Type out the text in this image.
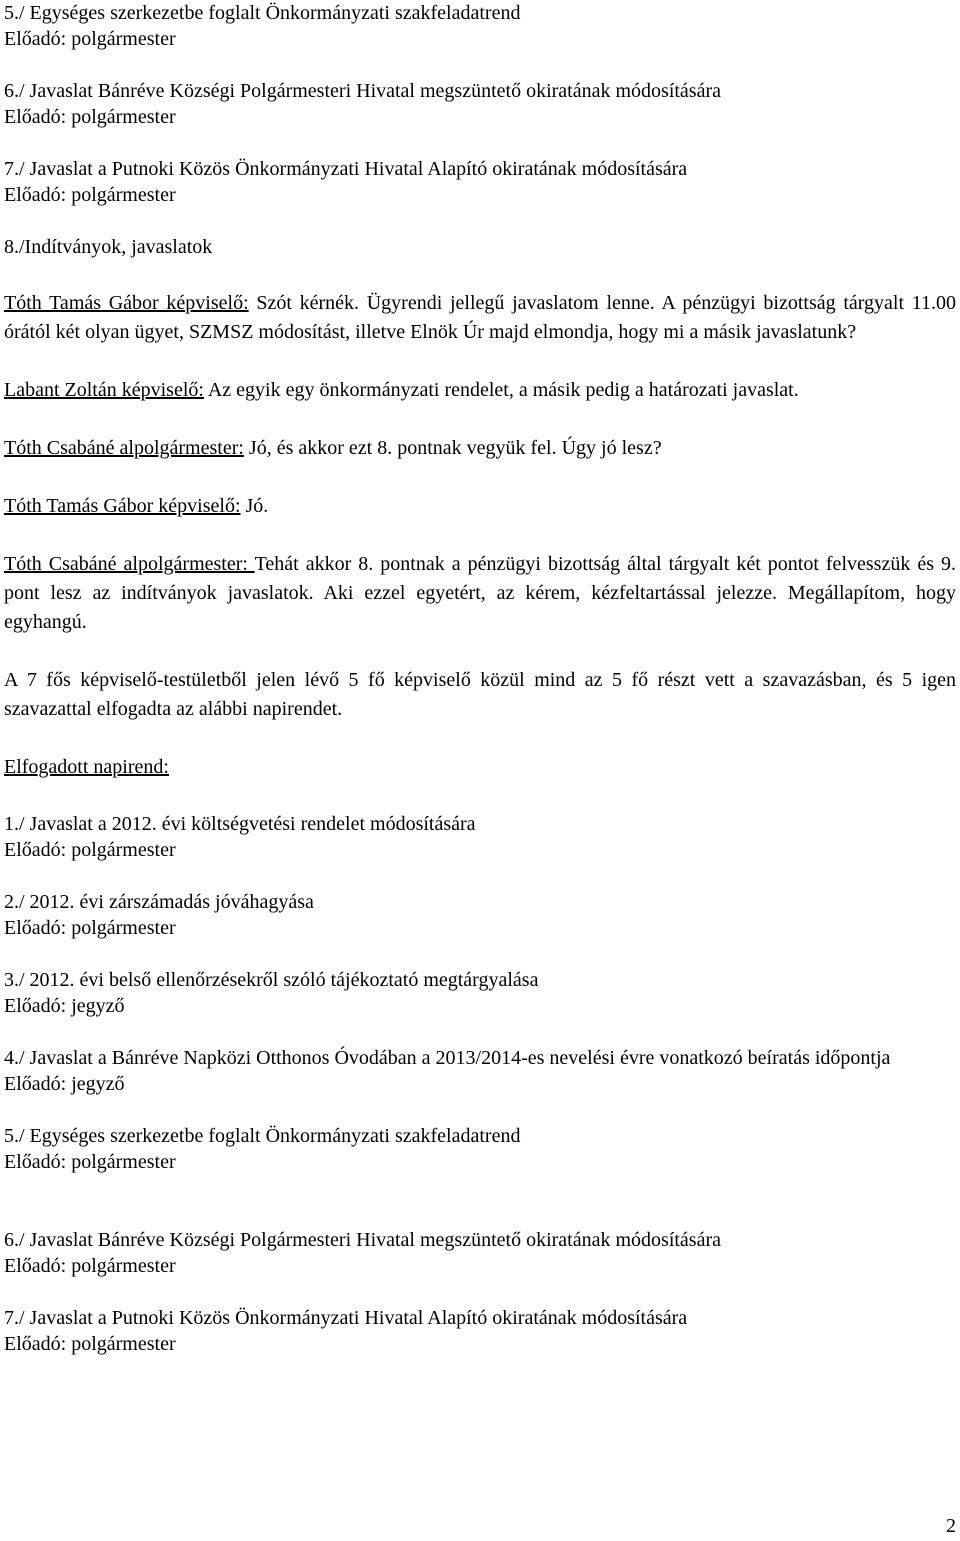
5./ Egységes szerkezetbe foglalt Önkormányzati szakfeladatrend
Előadó: polgármester
6./ Javaslat Bánréve Községi Polgármesteri Hivatal megszüntető okiratának módosítására
Előadó: polgármester
7./ Javaslat a Putnoki Közös Önkormányzati Hivatal Alapító okiratának módosítására
Előadó: polgármester
8./Indítványok, javaslatok
Tóth Tamás Gábor képviselő: Szót kérnék. Ügyrendi jellegű javaslatom lenne. A pénzügyi bizottság tárgyalt 11.00 órától két olyan ügyet, SZMSZ módosítást, illetve Elnök Úr majd elmondja, hogy mi a másik javaslatunk?
Labant Zoltán képviselő: Az egyik egy önkormányzati rendelet, a másik pedig a határozati javaslat.
Tóth Csabáné alpolgármester: Jó, és akkor ezt 8. pontnak vegyük fel. Úgy jó lesz?
Tóth Tamás Gábor képviselő: Jó.
Tóth Csabáné alpolgármester: Tehát akkor 8. pontnak a pénzügyi bizottság által tárgyalt két pontot felvesszük és 9. pont lesz az indítványok javaslatok. Aki ezzel egyetért, az kérem, kézfeltartással jelezze. Megállapítom, hogy egyhangú.
A 7 fős képviselő-testületből jelen lévő 5 fő képviselő közül mind az 5 fő részt vett a szavazásban, és 5 igen szavazattal elfogadta az alábbi napirendet.
Elfogadott napirend:
1./ Javaslat a 2012. évi költségvetési rendelet módosítására
Előadó: polgármester
2./ 2012. évi zárszámadás jóváhagyása
Előadó: polgármester
3./ 2012. évi belső ellenőrzésekről szóló tájékoztató megtárgyalása
Előadó: jegyző
4./ Javaslat a Bánréve Napközi Otthonos Óvodában a 2013/2014-es nevelési évre vonatkozó beíratás időpontja
Előadó: jegyző
5./ Egységes szerkezetbe foglalt Önkormányzati szakfeladatrend
Előadó: polgármester
6./ Javaslat Bánréve Községi Polgármesteri Hivatal megszüntető okiratának módosítására
Előadó: polgármester
7./ Javaslat a Putnoki Közös Önkormányzati Hivatal Alapító okiratának módosítására
Előadó: polgármester
2
